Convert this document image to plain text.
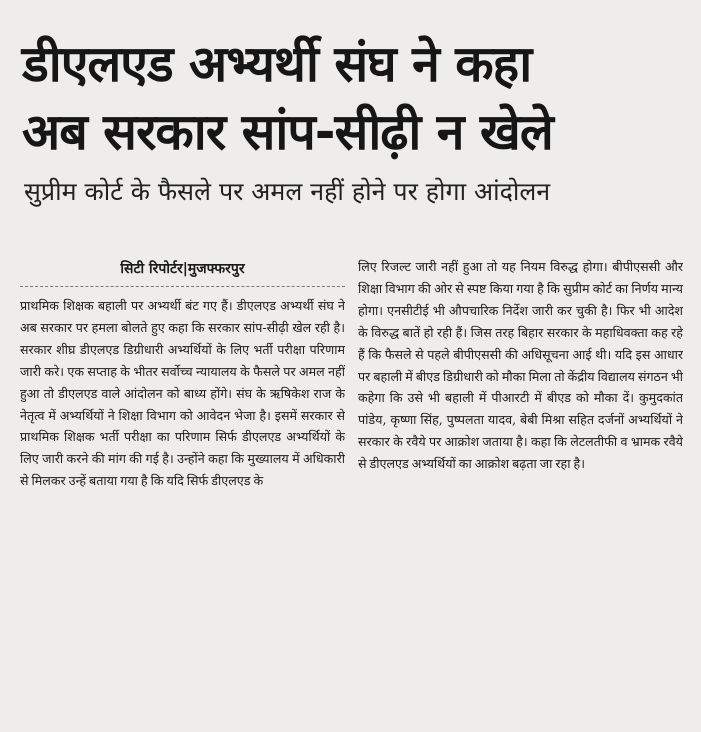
डीएलएड अभ्यर्थी संघ ने कहा
अब सरकार सांप-सीढ़ी न खेले
सुप्रीम कोर्ट के फैसले पर अमल नहीं होने पर होगा आंदोलन
सिटी रिपोर्टर|मुजफ्फरपुर

प्राथमिक शिक्षक बहाली पर अभ्यर्थी बंट गए हैं। डीएलएड अभ्यर्थी संघ ने अब सरकार पर हमला बोलते हुए कहा कि सरकार सांप-सीढ़ी खेल रही है। सरकार शीघ्र डीएलएड डिग्रीधारी अभ्यर्थियों के लिए भर्ती परीक्षा परिणाम जारी करे। एक सप्ताह के भीतर सर्वोच्च न्यायालय के फैसले पर अमल नहीं हुआ तो डीएलएड वाले आंदोलन को बाध्य होंगे। संघ के ऋषिकेश राज के नेतृत्व में अभ्यर्थियों ने शिक्षा विभाग को आवेदन भेजा है। इसमें सरकार से प्राथमिक शिक्षक भर्ती परीक्षा का परिणाम सिर्फ डीएलएड अभ्यर्थियों के लिए जारी करने की मांग की गई है। उन्होंने कहा कि मुख्यालय में अधिकारी से मिलकर उन्हें बताया गया है कि यदि सिर्फ डीएलएड के

लिए रिजल्ट जारी नहीं हुआ तो यह नियम विरुद्ध होगा। बीपीएससी और शिक्षा विभाग की ओर से स्पष्ट किया गया है कि सुप्रीम कोर्ट का निर्णय मान्य होगा। एनसीटीई भी औपचारिक निर्देश जारी कर चुकी है। फिर भी आदेश के विरुद्ध बातें हो रही हैं। जिस तरह बिहार सरकार के महाधिवक्ता कह रहे हैं कि फैसले से पहले बीपीएससी की अधिसूचना आई थी। यदि इस आधार पर बहाली में बीएड डिग्रीधारी को मौका मिला तो केंद्रीय विद्यालय संगठन भी कहेगा कि उसे भी बहाली में पीआरटी में बीएड को मौका दें। कुमुदकांत पांडेय, कृष्णा सिंह, पुष्पलता यादव, बेबी मिश्रा सहित दर्जनों अभ्यर्थियों ने सरकार के रवैये पर आक्रोश जताया है। कहा कि लेटलतीफी व भ्रामक रवैये से डीएलएड अभ्यर्थियों का आक्रोश बढ़ता जा रहा है।
